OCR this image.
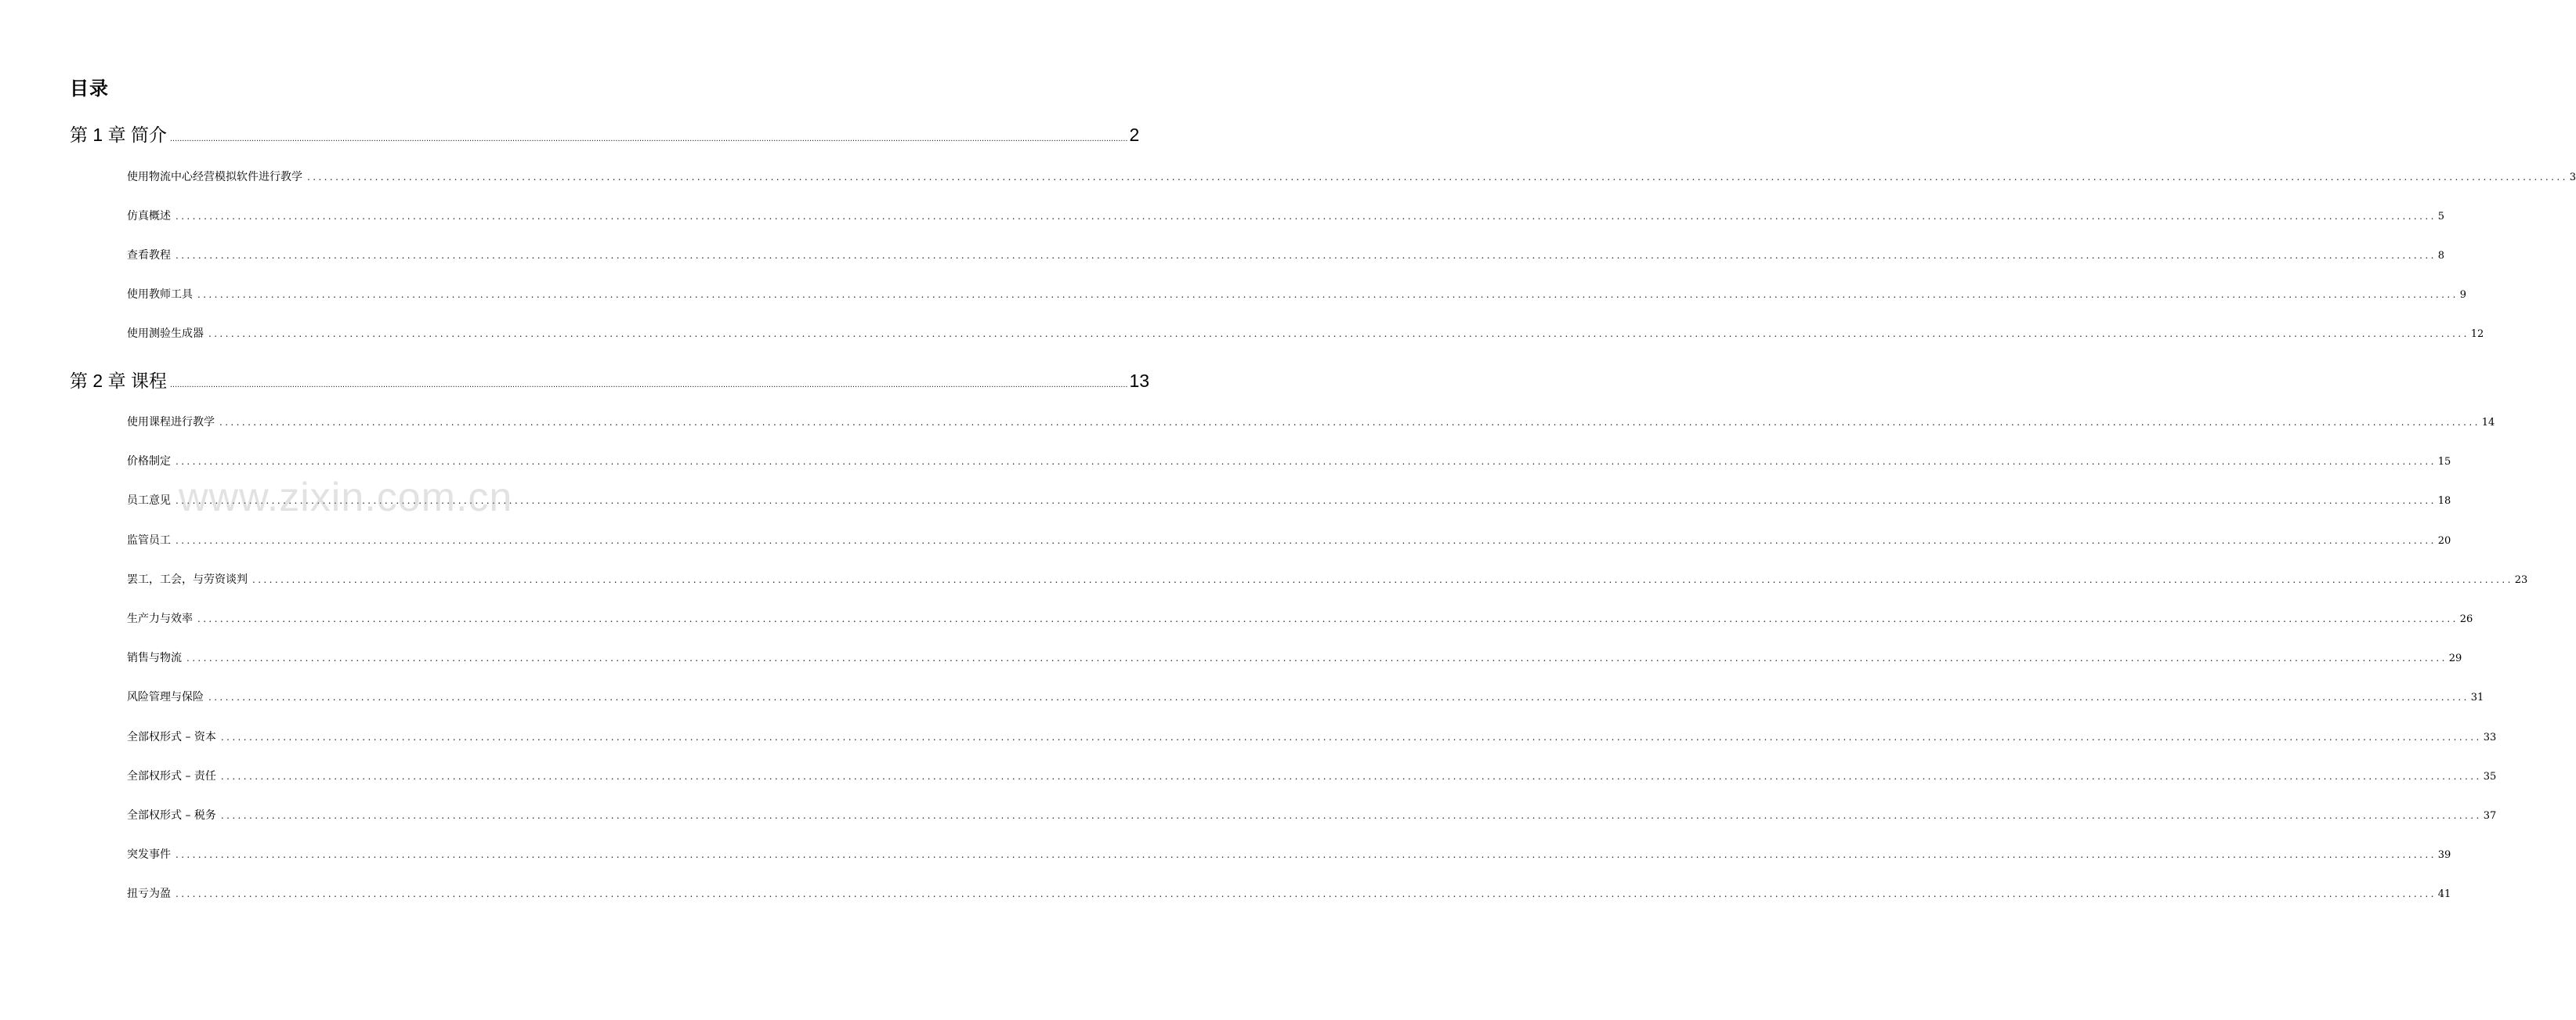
目录
第 1 章 简介 ................................................................................................................................................................................................................................................................................................................................................................................................................ 2
使用物流中心经营模拟软件进行教学 ................................................................................................................................................................................................................................................................................................................................................................................................................ 3
仿真概述 ................................................................................................................................................................................................................................................................................................................................................................................................................ 5
查看教程 ................................................................................................................................................................................................................................................................................................................................................................................................................ 8
使用教师工具 ................................................................................................................................................................................................................................................................................................................................................................................................................ 9
使用测验生成器 ................................................................................................................................................................................................................................................................................................................................................................................................................ 12
第 2 章 课程 ................................................................................................................................................................................................................................................................................................................................................................................................................ 13
使用课程进行教学 ................................................................................................................................................................................................................................................................................................................................................................................................................ 14
价格制定 ................................................................................................................................................................................................................................................................................................................................................................................................................ 15
员工意见 ................................................................................................................................................................................................................................................................................................................................................................................................................ 18
监管员工 ................................................................................................................................................................................................................................................................................................................................................................................................................ 20
罢工，工会，与劳资谈判 ................................................................................................................................................................................................................................................................................................................................................................................................................ 23
生产力与效率 ................................................................................................................................................................................................................................................................................................................................................................................................................ 26
销售与物流 ................................................................................................................................................................................................................................................................................................................................................................................................................ 29
风险管理与保险 ................................................................................................................................................................................................................................................................................................................................................................................................................ 31
全部权形式 – 资本 ................................................................................................................................................................................................................................................................................................................................................................................................................ 33
全部权形式 – 责任 ................................................................................................................................................................................................................................................................................................................................................................................................................ 35
全部权形式 – 税务 ................................................................................................................................................................................................................................................................................................................................................................................................................ 37
突发事件 ................................................................................................................................................................................................................................................................................................................................................................................................................ 39
扭亏为盈 ................................................................................................................................................................................................................................................................................................................................................................................................................ 41
www.zixin.com.cn
